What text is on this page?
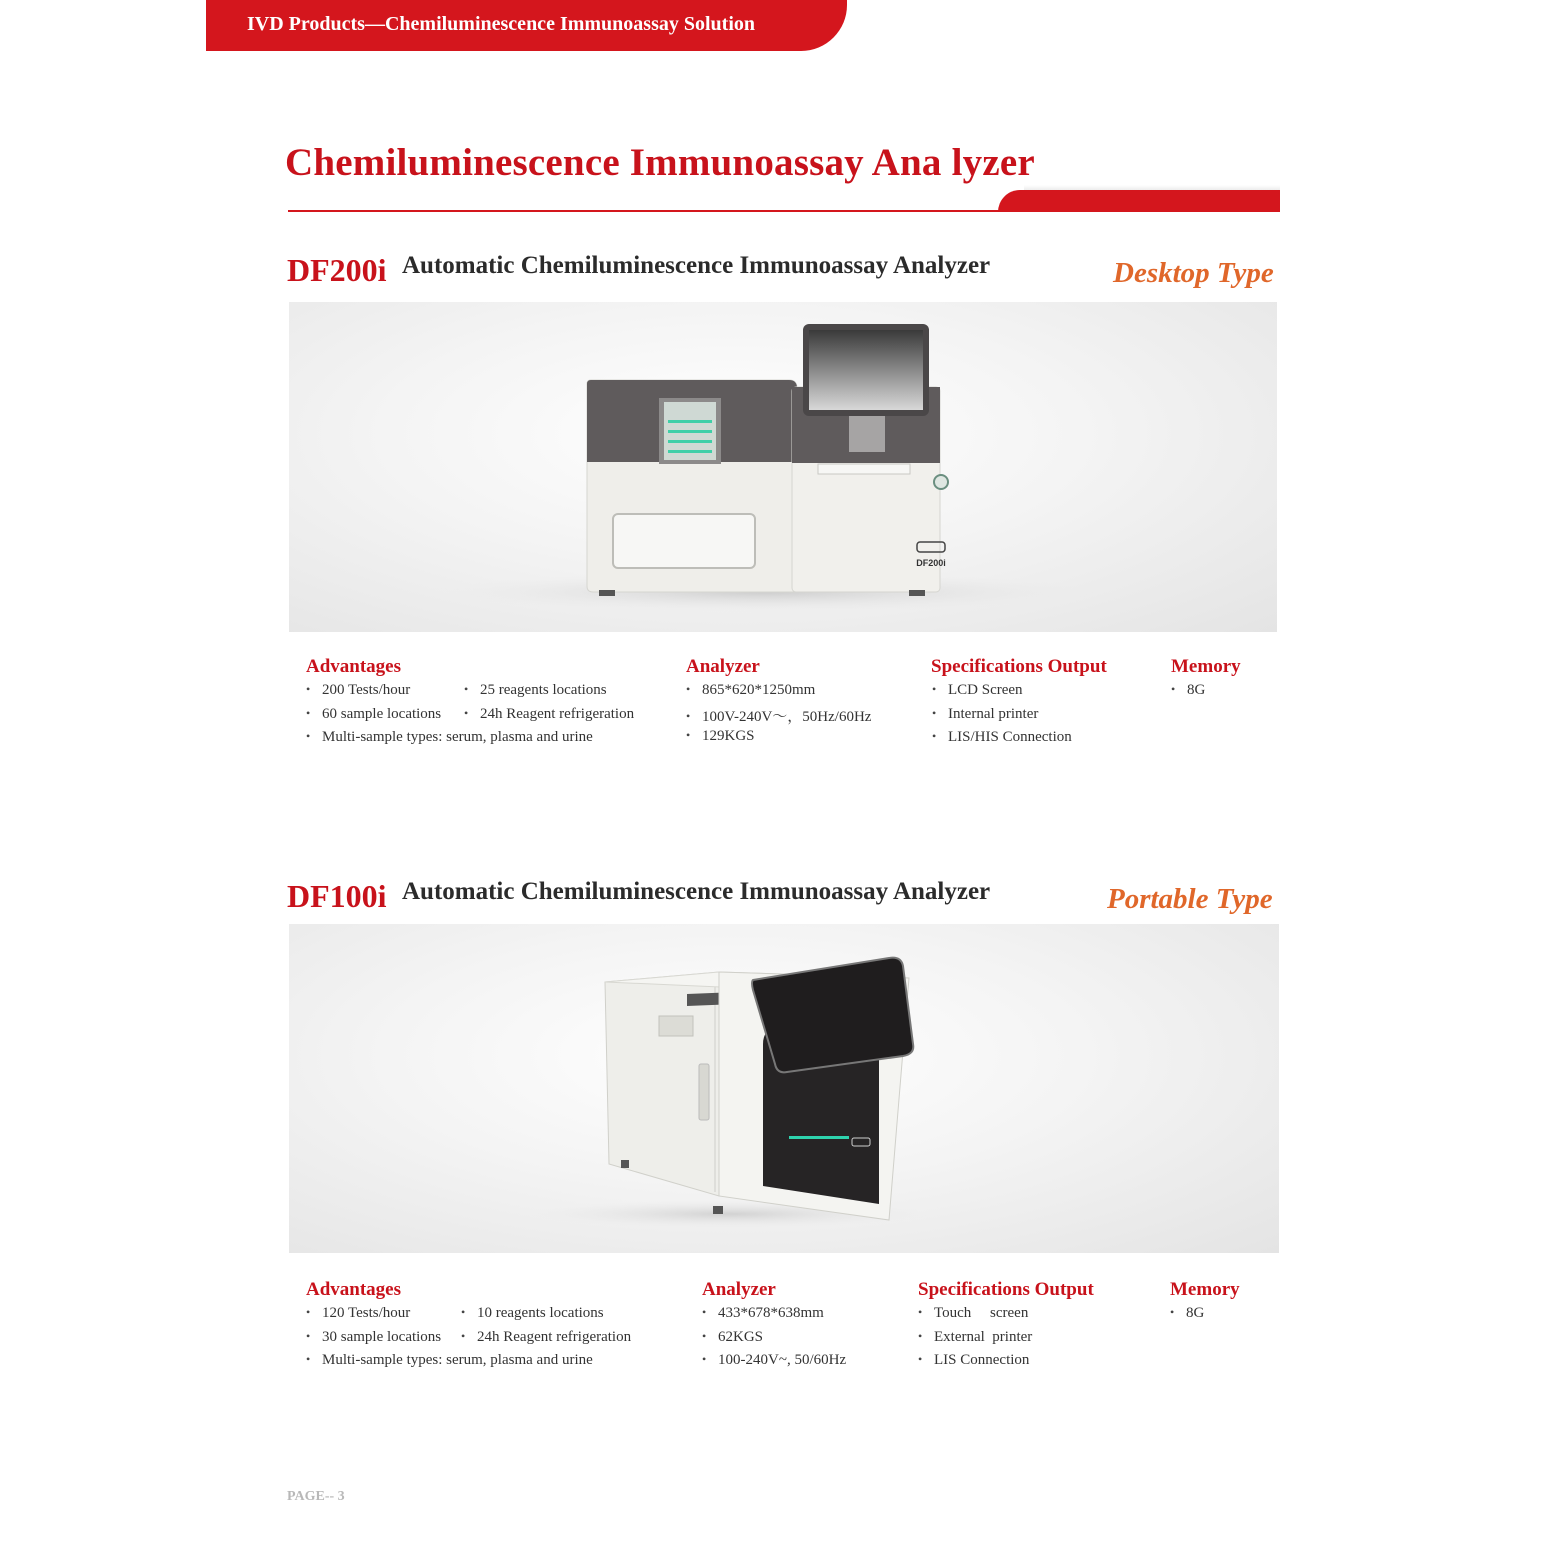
IVD Products—Chemiluminescence Immunoassay Solution
Chemiluminescence Immunoassay Ana lyzer
DF200i Automatic Chemiluminescence Immunoassay Analyzer	Desktop Type
DF200i
Advantages
• 200 Tests/hour
• 60 sample locations
• 25 reagents locations
• 24h Reagent refrigeration
• Multi-sample types: serum, plasma and urine
Analyzer
• 865*620*1250mm
• 100V-240V～，50Hz/60Hz
• 129KGS
Specifications Output
• LCD Screen
• Internal printer
• LIS/HIS Connection
Memory
• 8G
DF100i Automatic Chemiluminescence Immunoassay Analyzer	Portable Type
Advantages
• 120 Tests/hour
• 30 sample locations
• 10 reagents locations
• 24h Reagent refrigeration
• Multi-sample types: serum, plasma and urine
Analyzer
• 433*678*638mm
• 62KGS
• 100-240V~, 50/60Hz
Specifications Output
• Touch     screen
• External  printer
• LIS Connection
Memory
• 8G
PAGE-- 3
